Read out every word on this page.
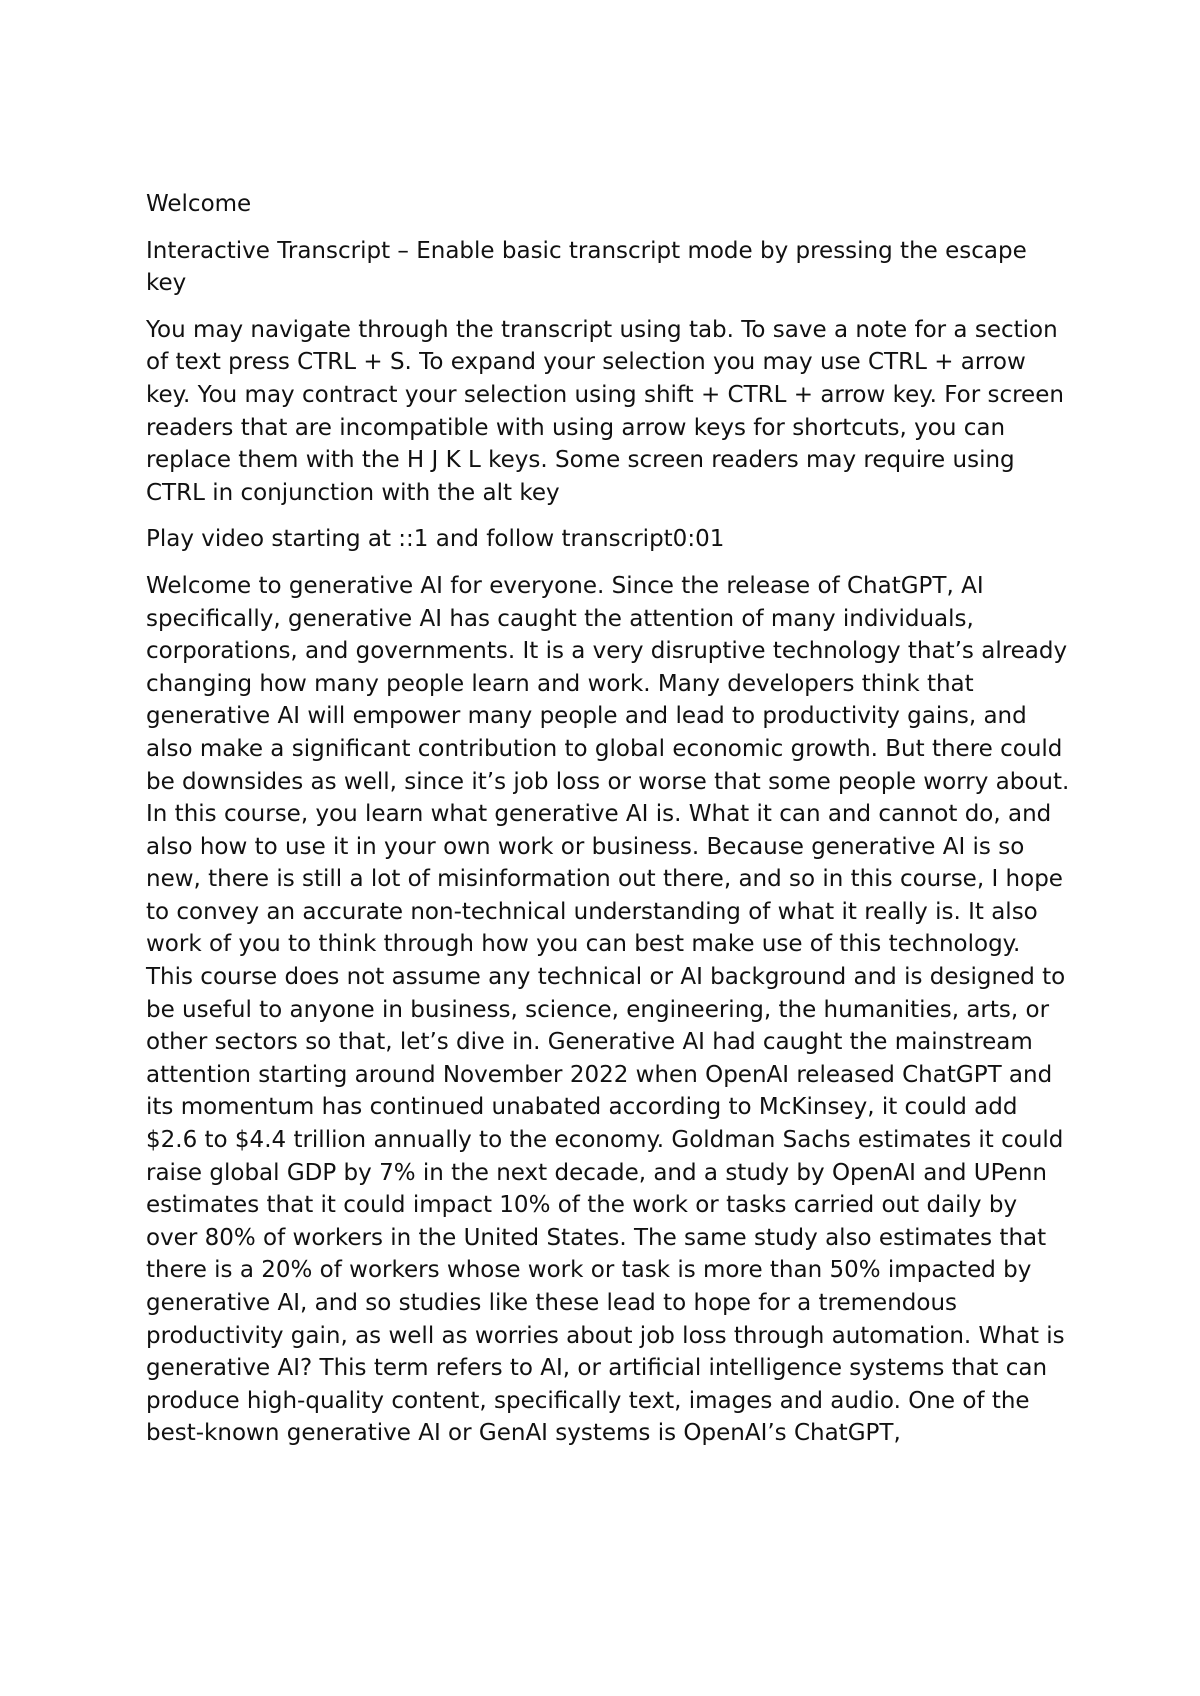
Welcome

Interactive Transcript – Enable basic transcript mode by pressing the escape key

You may navigate through the transcript using tab. To save a note for a section of text press CTRL + S. To expand your selection you may use CTRL + arrow key. You may contract your selection using shift + CTRL + arrow key. For screen readers that are incompatible with using arrow keys for shortcuts, you can replace them with the H J K L keys. Some screen readers may require using CTRL in conjunction with the alt key

Play video starting at ::1 and follow transcript0:01

Welcome to generative AI for everyone. Since the release of ChatGPT, AI specifically, generative AI has caught the attention of many individuals, corporations, and governments. It is a very disruptive technology that’s already changing how many people learn and work. Many developers think that generative AI will empower many people and lead to productivity gains, and also make a significant contribution to global economic growth. But there could be downsides as well, since it’s job loss or worse that some people worry about. In this course, you learn what generative AI is. What it can and cannot do, and also how to use it in your own work or business. Because generative AI is so new, there is still a lot of misinformation out there, and so in this course, I hope to convey an accurate non-technical understanding of what it really is. It also work of you to think through how you can best make use of this technology. This course does not assume any technical or AI background and is designed to be useful to anyone in business, science, engineering, the humanities, arts, or other sectors so that, let’s dive in. Generative AI had caught the mainstream attention starting around November 2022 when OpenAI released ChatGPT and its momentum has continued unabated according to McKinsey, it could add $2.6 to $4.4 trillion annually to the economy. Goldman Sachs estimates it could raise global GDP by 7% in the next decade, and a study by OpenAI and UPenn estimates that it could impact 10% of the work or tasks carried out daily by over 80% of workers in the United States. The same study also estimates that there is a 20% of workers whose work or task is more than 50% impacted by generative AI, and so studies like these lead to hope for a tremendous productivity gain, as well as worries about job loss through automation. What is generative AI? This term refers to AI, or artificial intelligence systems that can produce high-quality content, specifically text, images and audio. One of the best-known generative AI or GenAI systems is OpenAI’s ChatGPT,
